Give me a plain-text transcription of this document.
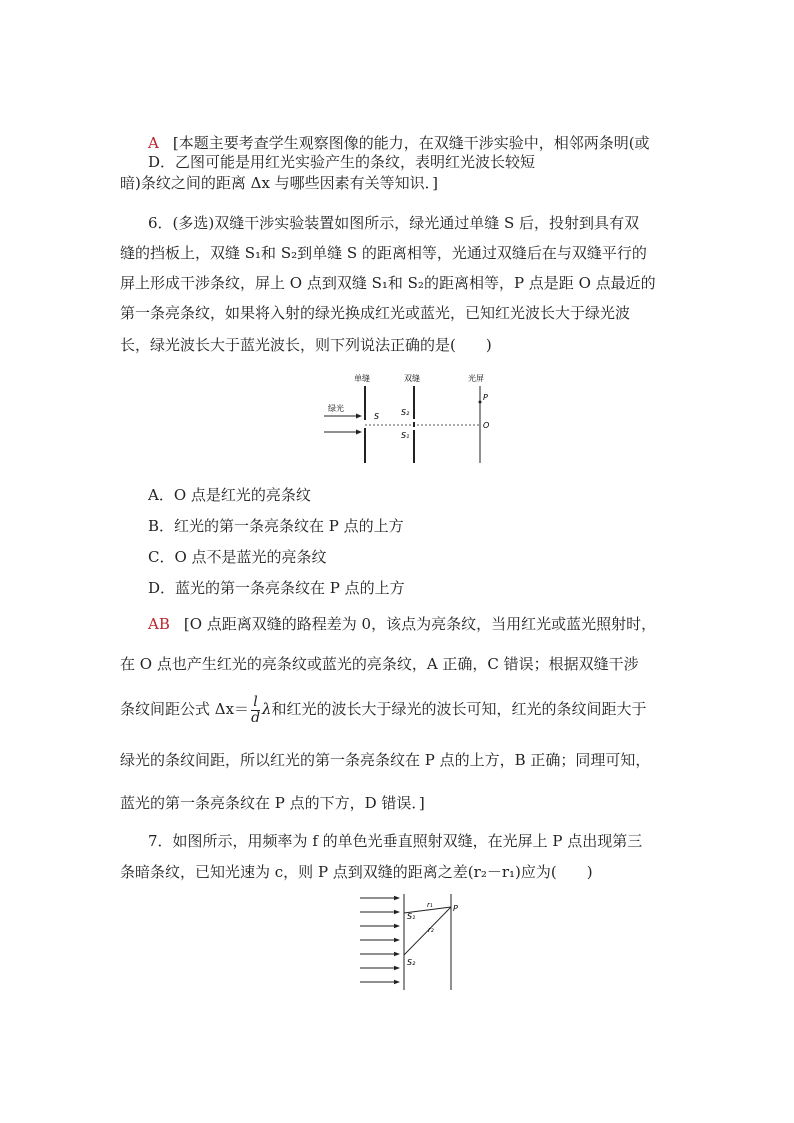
D．乙图可能是用红光实验产生的条纹，表明红光波长较短
A [本题主要考查学生观察图像的能力，在双缝干涉实验中，相邻两条明(或
暗)条纹之间的距离 Δx 与哪些因素有关等知识．]
6．(多选)双缝干涉实验装置如图所示，绿光通过单缝 S 后，投射到具有双
缝的挡板上，双缝 S₁和 S₂到单缝 S 的距离相等，光通过双缝后在与双缝平行的
屏上形成干涉条纹，屏上 O 点到双缝 S₁和 S₂的距离相等，P 点是距 O 点最近的
第一条亮条纹，如果将入射的绿光换成红光或蓝光，已知红光波长大于绿光波
长，绿光波长大于蓝光波长，则下列说法正确的是(　　)
单缝	双缝	光屏
绿光
S	S₂
S₁
P
O
A．O 点是红光的亮条纹
B．红光的第一条亮条纹在 P 点的上方
C．O 点不是蓝光的亮条纹
D．蓝光的第一条亮条纹在 P 点的上方
AB [O 点距离双缝的路程差为 0，该点为亮条纹，当用红光或蓝光照射时，
在 O 点也产生红光的亮条纹或蓝光的亮条纹，A 正确，C 错误；根据双缝干涉
条纹间距公式 $\Delta x= \frac{l}{d}$ λ和红光的波长大于绿光的波长可知，红光的条纹间距大于
绿光的条纹间距，所以红光的第一条亮条纹在 P 点的上方，B 正确；同理可知，
蓝光的第一条亮条纹在 P 点的下方，D 错误．]
7．如图所示，用频率为 f 的单色光垂直照射双缝，在光屏上 P 点出现第三
条暗条纹，已知光速为 c，则 P 点到双缝的距离之差(r₂－r₁)应为(　　)
S₁
S₂
r₁
r₂
P
